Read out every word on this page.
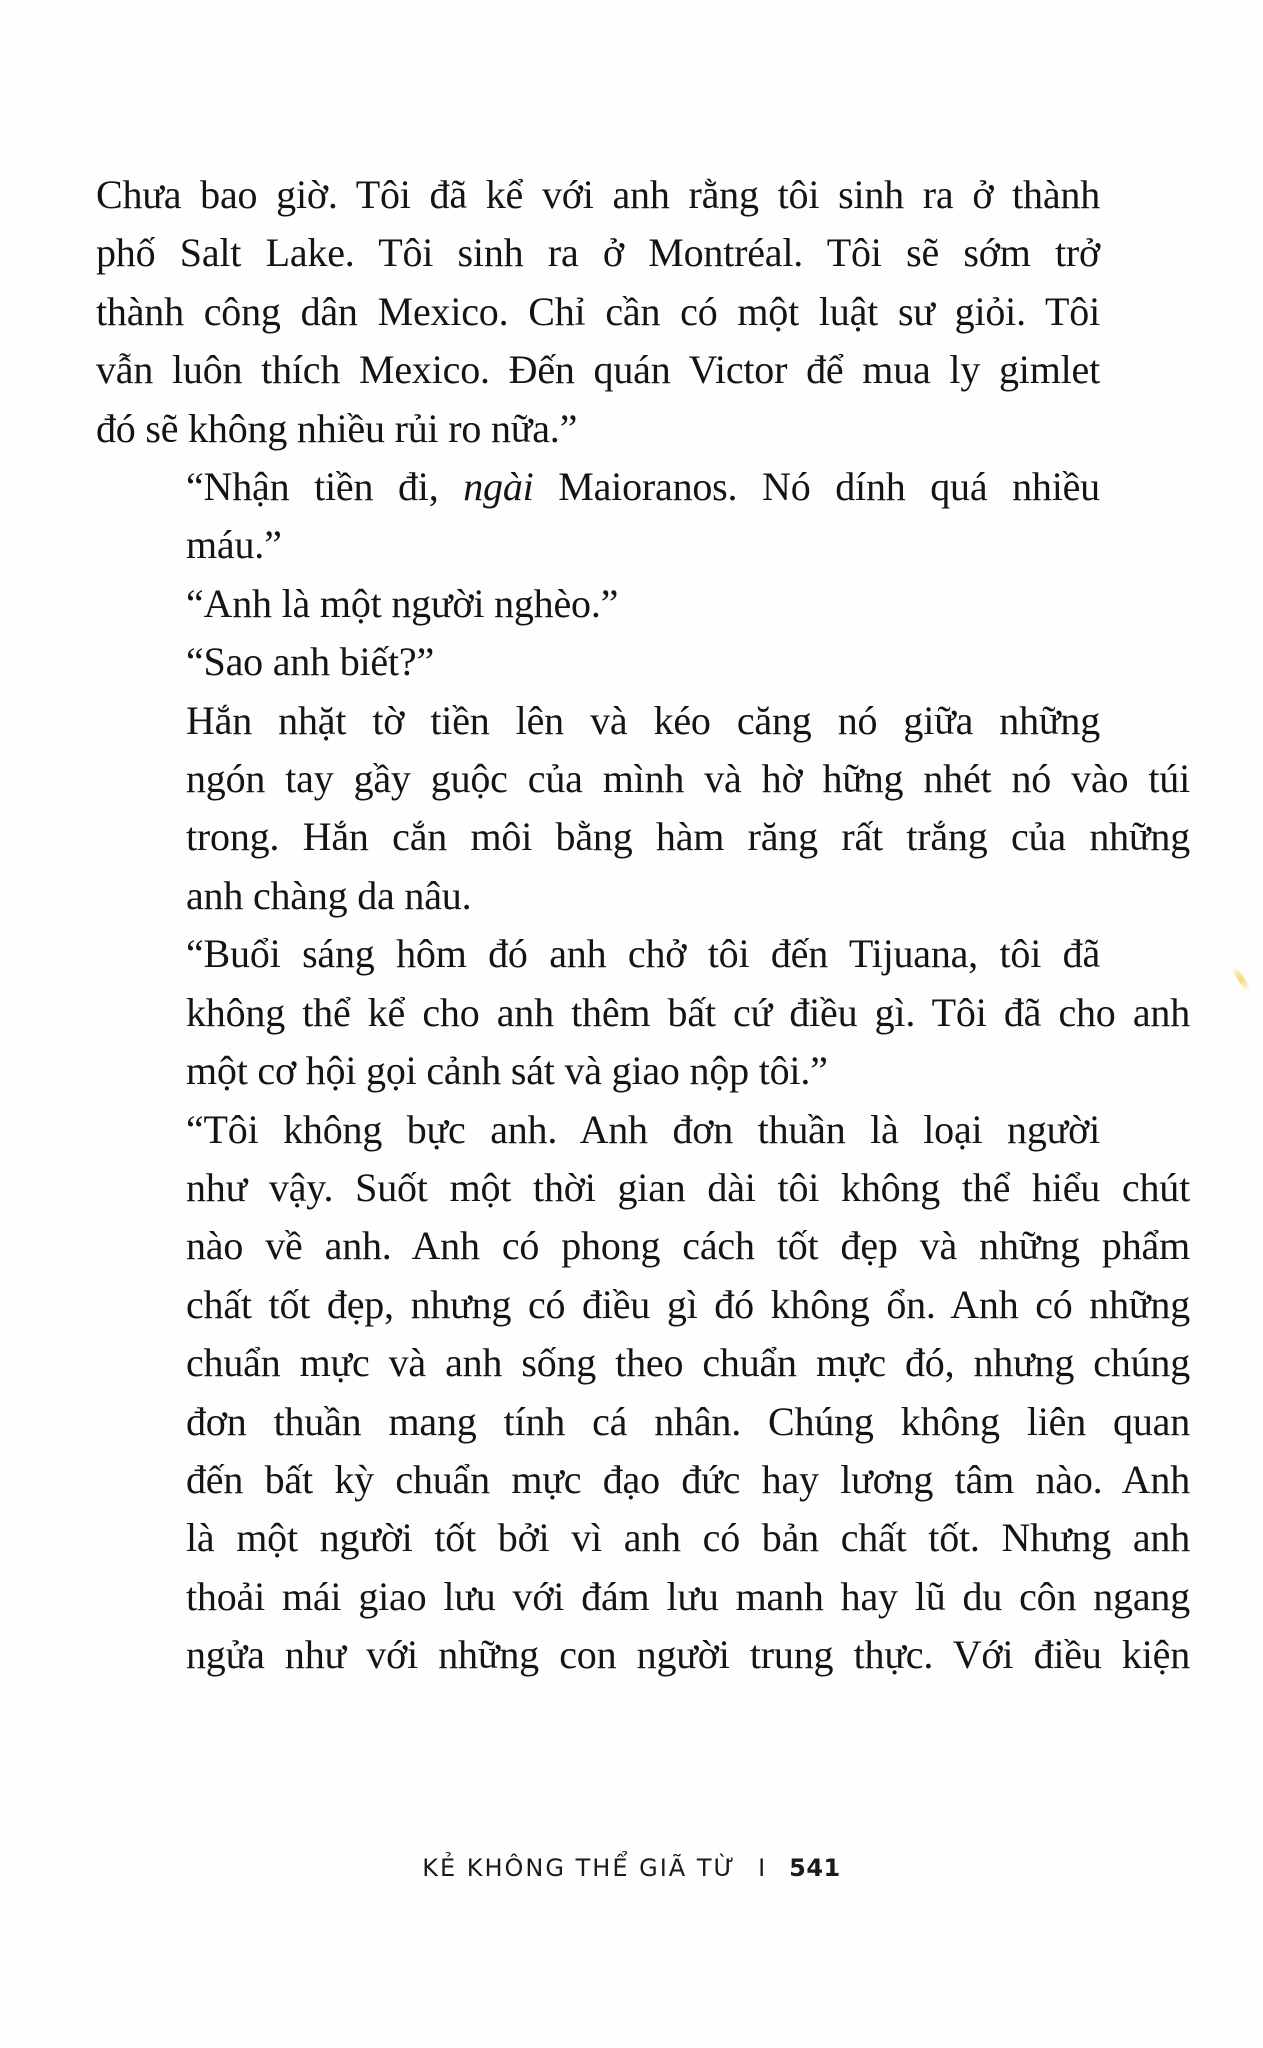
Chưa bao giờ. Tôi đã kể với anh rằng tôi sinh ra ở thành
phố Salt Lake. Tôi sinh ra ở Montréal. Tôi sẽ sớm trở
thành công dân Mexico. Chỉ cần có một luật sư giỏi. Tôi
vẫn luôn thích Mexico. Đến quán Victor để mua ly gimlet
đó sẽ không nhiều rủi ro nữa.”

“Nhận tiền đi, ngài Maioranos. Nó dính quá nhiều
máu.”

“Anh là một người nghèo.”

“Sao anh biết?”

Hắn nhặt tờ tiền lên và kéo căng nó giữa những
ngón tay gầy guộc của mình và hờ hững nhét nó vào túi
trong. Hắn cắn môi bằng hàm răng rất trắng của những
anh chàng da nâu.

“Buổi sáng hôm đó anh chở tôi đến Tijuana, tôi đã
không thể kể cho anh thêm bất cứ điều gì. Tôi đã cho anh
một cơ hội gọi cảnh sát và giao nộp tôi.”

“Tôi không bực anh. Anh đơn thuần là loại người
như vậy. Suốt một thời gian dài tôi không thể hiểu chút
nào về anh. Anh có phong cách tốt đẹp và những phẩm
chất tốt đẹp, nhưng có điều gì đó không ổn. Anh có những
chuẩn mực và anh sống theo chuẩn mực đó, nhưng chúng
đơn thuần mang tính cá nhân. Chúng không liên quan
đến bất kỳ chuẩn mực đạo đức hay lương tâm nào. Anh
là một người tốt bởi vì anh có bản chất tốt. Nhưng anh
thoải mái giao lưu với đám lưu manh hay lũ du côn ngang
ngửa như với những con người trung thực. Với điều kiện

KẺ KHÔNG THỂ GIÃ TỪ I 541
